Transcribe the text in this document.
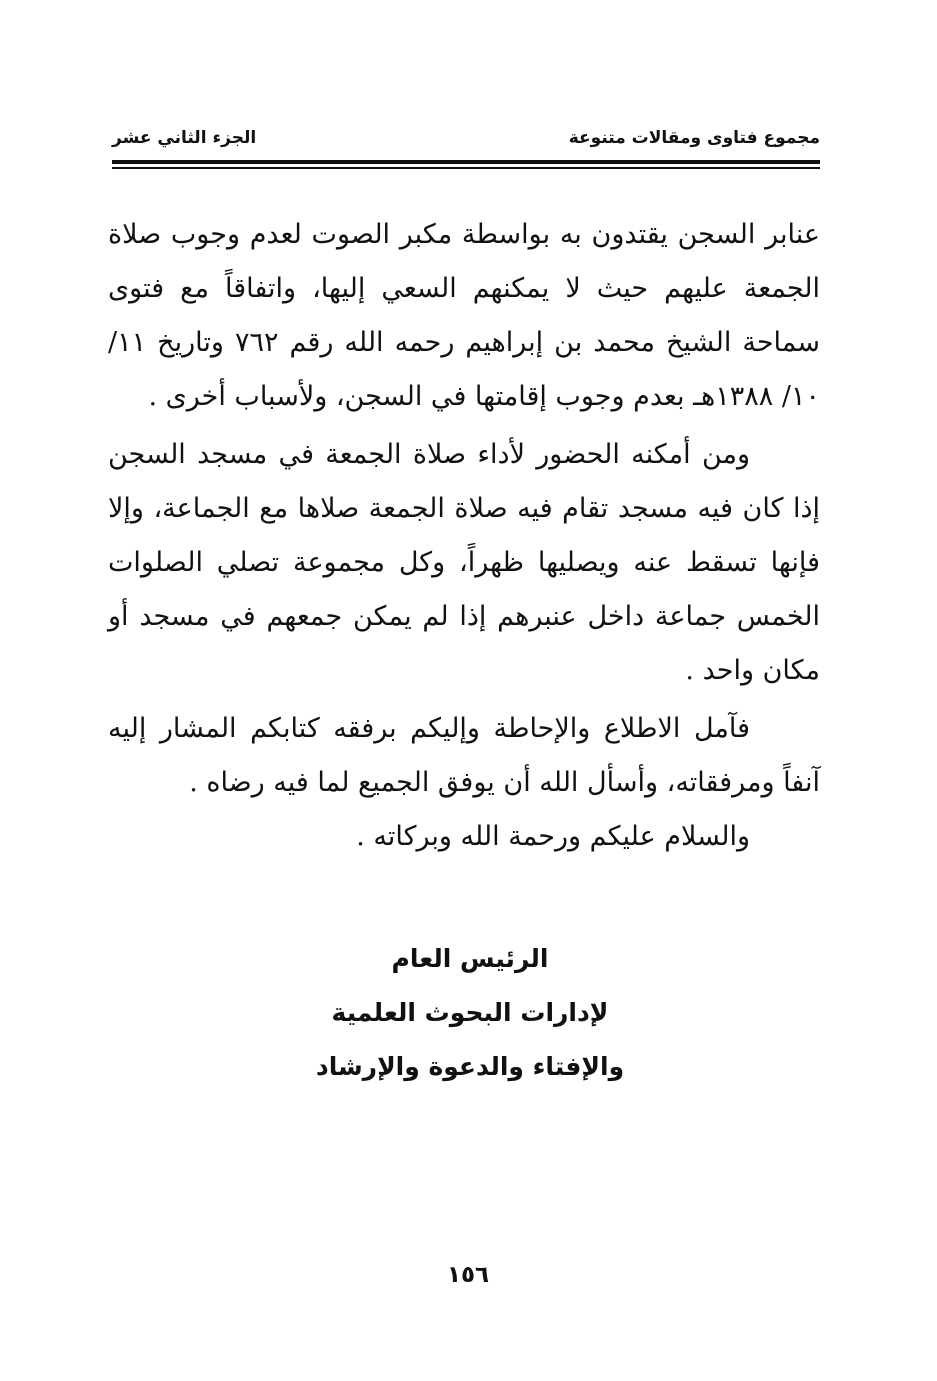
مجموع فتاوى ومقالات متنوعة
الجزء الثاني عشر

عنابر السجن يقتدون به بواسطة مكبر الصوت لعدم وجوب صلاة الجمعة عليهم حيث لا يمكنهم السعي إليها، واتفاقاً مع فتوى سماحة الشيخ محمد بن إبراهيم رحمه الله رقم ٧٦٢ وتاريخ ١١/ ١٠/ ١٣٨٨هـ بعدم وجوب إقامتها في السجن، ولأسباب أخرى .

ومن أمكنه الحضور لأداء صلاة الجمعة في مسجد السجن إذا كان فيه مسجد تقام فيه صلاة الجمعة صلاها مع الجماعة، وإلا فإنها تسقط عنه ويصليها ظهراً، وكل مجموعة تصلي الصلوات الخمس جماعة داخل عنبرهم إذا لم يمكن جمعهم في مسجد أو مكان واحد .

فآمل الاطلاع والإحاطة وإليكم برفقه كتابكم المشار إليه آنفاً ومرفقاته، وأسأل الله أن يوفق الجميع لما فيه رضاه .

والسلام عليكم ورحمة الله وبركاته .

الرئيس العام
لإدارات البحوث العلمية
والإفتاء والدعوة والإرشاد
١٥٦
